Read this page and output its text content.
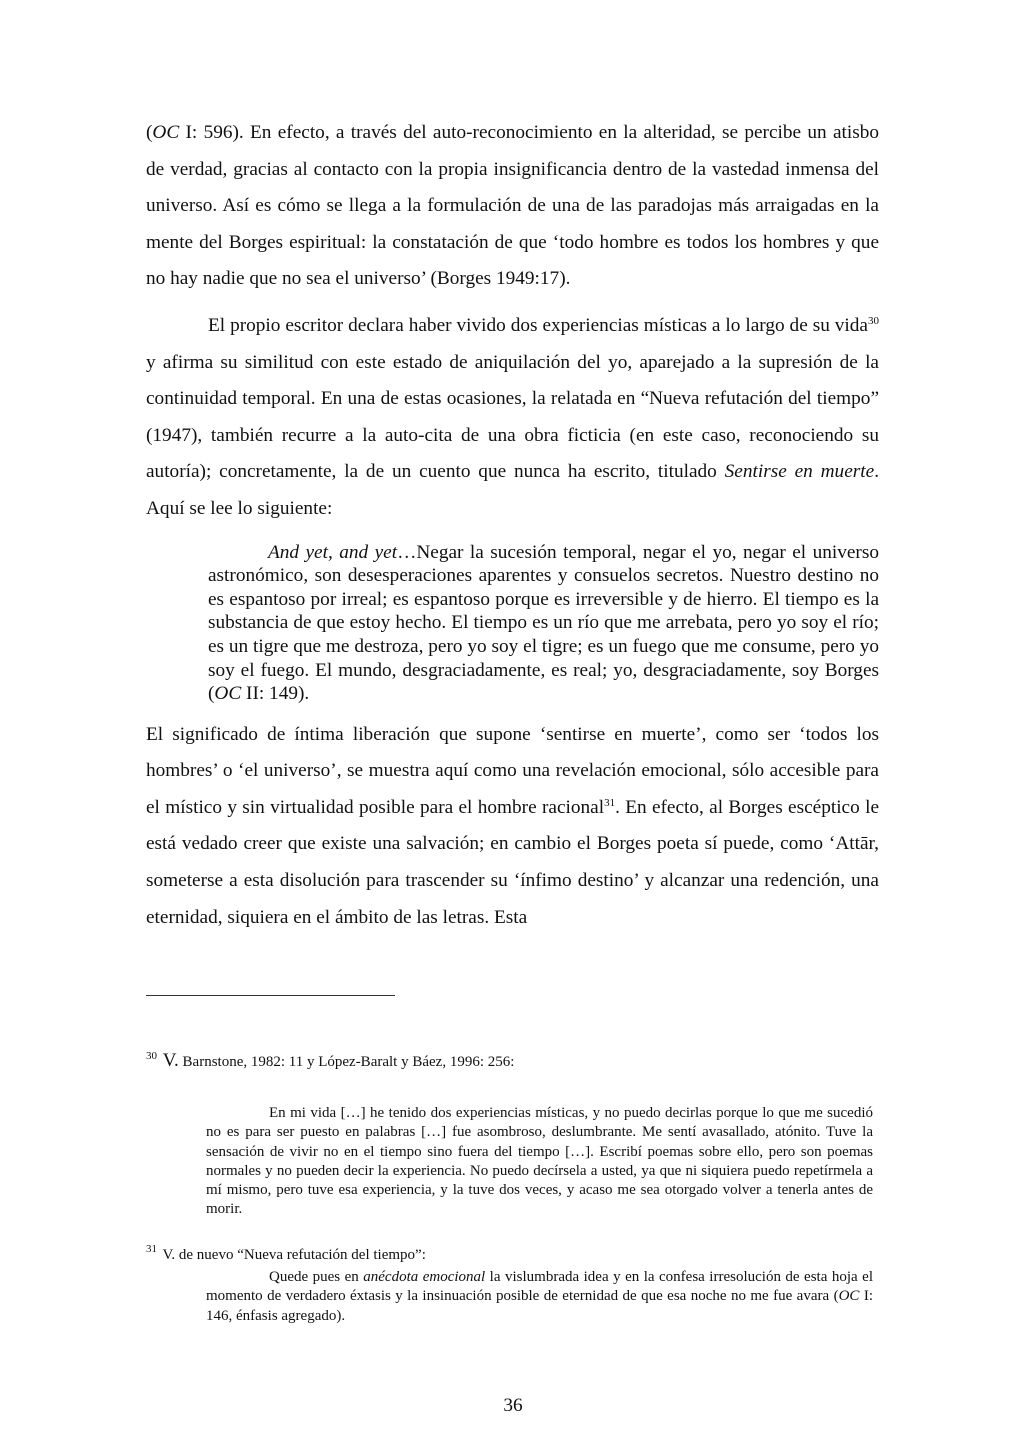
(OC I: 596). En efecto, a través del auto-reconocimiento en la alteridad, se percibe un atisbo de verdad, gracias al contacto con la propia insignificancia dentro de la vastedad inmensa del universo. Así es cómo se llega a la formulación de una de las paradojas más arraigadas en la mente del Borges espiritual: la constatación de que ‘todo hombre es todos los hombres y que no hay nadie que no sea el universo’ (Borges 1949:17).

El propio escritor declara haber vivido dos experiencias místicas a lo largo de su vida$^{30}$ y afirma su similitud con este estado de aniquilación del yo, aparejado a la supresión de la continuidad temporal. En una de estas ocasiones, la relatada en “Nueva refutación del tiempo” (1947), también recurre a la auto-cita de una obra ficticia (en este caso, reconociendo su autoría); concretamente, la de un cuento que nunca ha escrito, titulado Sentirse en muerte. Aquí se lee lo siguiente:

And yet, and yet…Negar la sucesión temporal, negar el yo, negar el universo astronómico, son desesperaciones aparentes y consuelos secretos. Nuestro destino no es espantoso por irreal; es espantoso porque es irreversible y de hierro. El tiempo es la substancia de que estoy hecho. El tiempo es un río que me arrebata, pero yo soy el río; es un tigre que me destroza, pero yo soy el tigre; es un fuego que me consume, pero yo soy el fuego. El mundo, desgraciadamente, es real; yo, desgraciadamente, soy Borges (OC II: 149).

El significado de íntima liberación que supone ‘sentirse en muerte’, como ser ‘todos los hombres’ o ‘el universo’, se muestra aquí como una revelación emocional, sólo accesible para el místico y sin virtualidad posible para el hombre racional$^{31}$. En efecto, al Borges escéptico le está vedado creer que existe una salvación; en cambio el Borges poeta sí puede, como ‘Attār, someterse a esta disolución para trascender su ‘ínfimo destino’ y alcanzar una redención, una eternidad, siquiera en el ámbito de las letras. Esta

$^{30}$ V. Barnstone, 1982: 11 y López-Baralt y Báez, 1996: 256:

En mi vida […] he tenido dos experiencias místicas, y no puedo decirlas porque lo que me sucedió no es para ser puesto en palabras […] fue asombroso, deslumbrante. Me sentí avasallado, atónito. Tuve la sensación de vivir no en el tiempo sino fuera del tiempo […]. Escribí poemas sobre ello, pero son poemas normales y no pueden decir la experiencia. No puedo decírsela a usted, ya que ni siquiera puedo repetírmela a mí mismo, pero tuve esa experiencia, y la tuve dos veces, y acaso me sea otorgado volver a tenerla antes de morir.

$^{31}$ V. de nuevo “Nueva refutación del tiempo”:

Quede pues en anécdota emocional la vislumbrada idea y en la confesa irresolución de esta hoja el momento de verdadero éxtasis y la insinuación posible de eternidad de que esa noche no me fue avara (OC I: 146, énfasis agregado).

36
